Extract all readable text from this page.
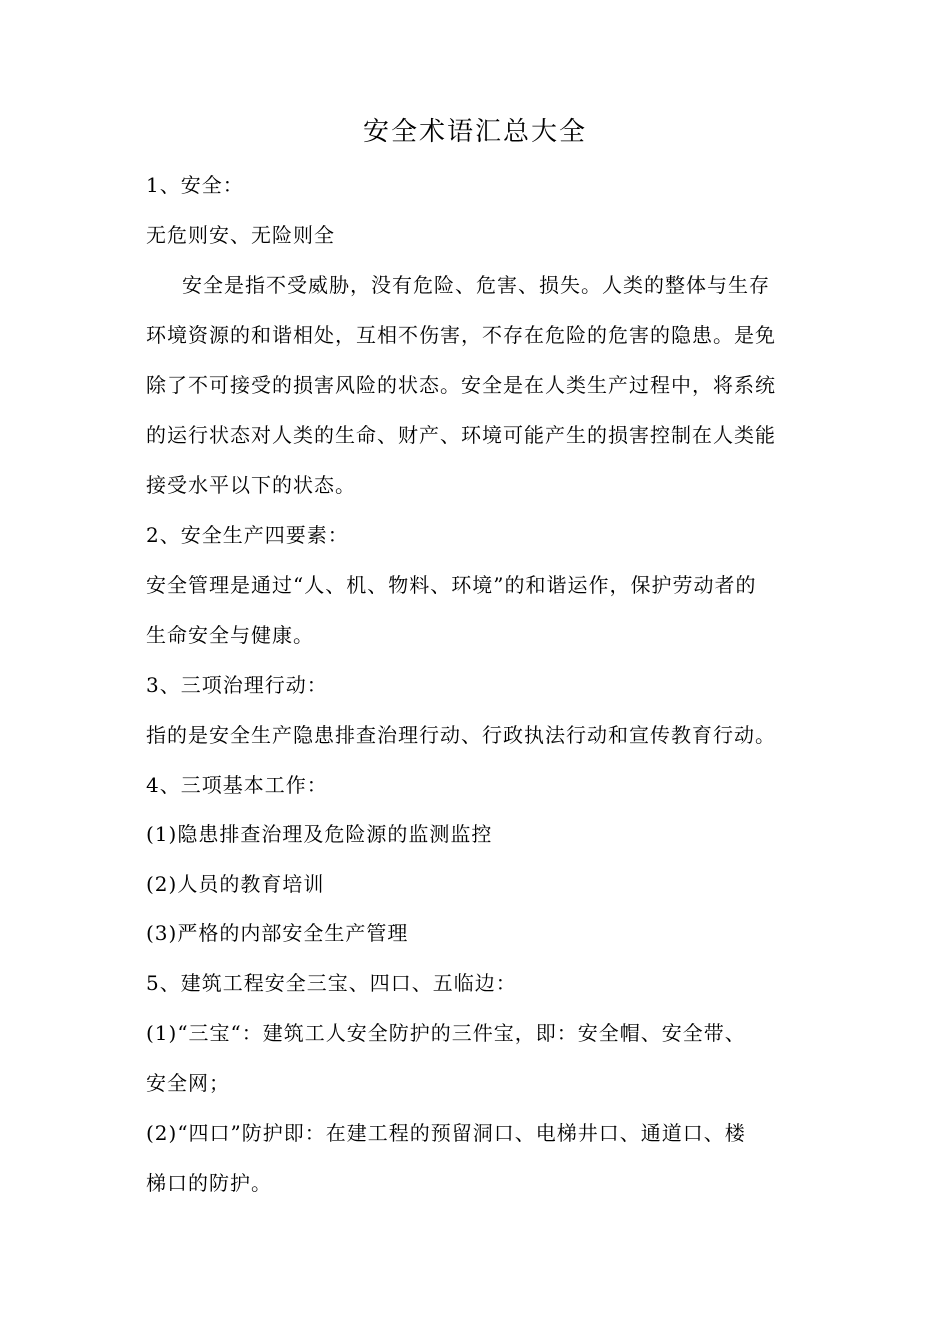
安全术语汇总大全
1、安全：
无危则安、无险则全
安全是指不受威胁，没有危险、危害、损失。人类的整体与生存
环境资源的和谐相处，互相不伤害，不存在危险的危害的隐患。是免
除了不可接受的损害风险的状态。安全是在人类生产过程中，将系统
的运行状态对人类的生命、财产、环境可能产生的损害控制在人类能
接受水平以下的状态。
2、安全生产四要素：
安全管理是通过“人、机、物料、环境”的和谐运作，保护劳动者的
生命安全与健康。
3、三项治理行动：
指的是安全生产隐患排查治理行动、行政执法行动和宣传教育行动。
4、三项基本工作：
(1)隐患排查治理及危险源的监测监控
(2)人员的教育培训
(3)严格的内部安全生产管理
5、建筑工程安全三宝、四口、五临边：
(1)“三宝“：建筑工人安全防护的三件宝，即：安全帽、安全带、
安全网；
(2)“四口”防护即：在建工程的预留洞口、电梯井口、通道口、楼
梯口的防护。
